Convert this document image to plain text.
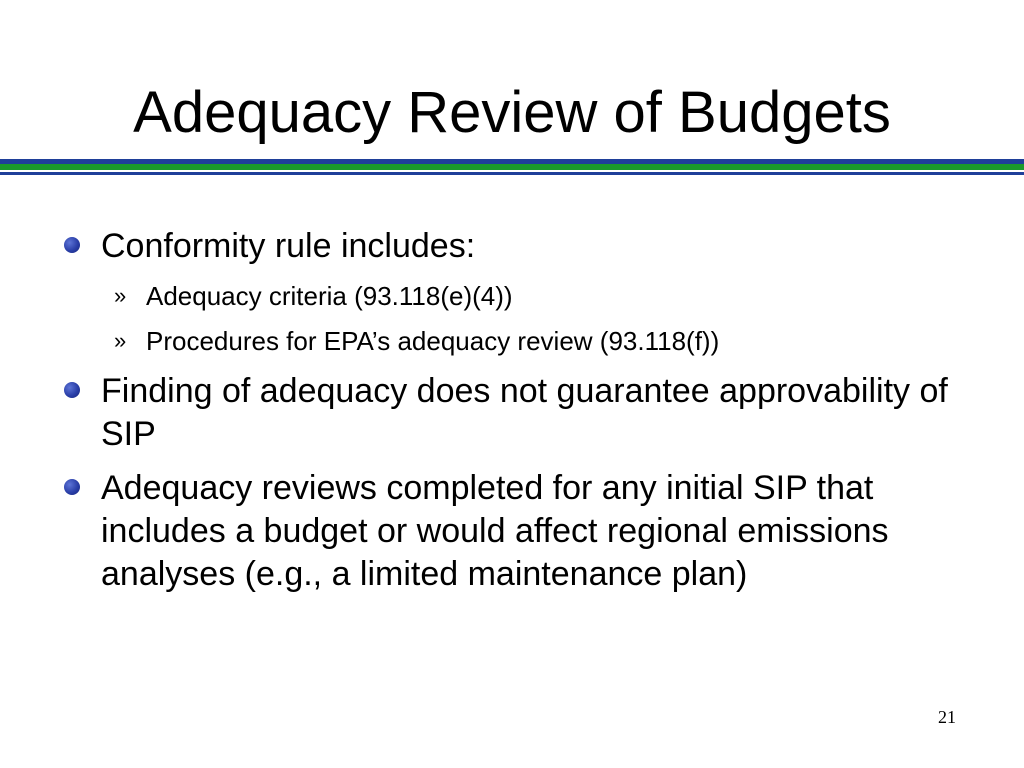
Adequacy Review of Budgets
Conformity rule includes:
» Adequacy criteria (93.118(e)(4))
» Procedures for EPA’s adequacy review (93.118(f))
Finding of adequacy does not guarantee approvability of SIP
Adequacy reviews completed for any initial SIP that includes a budget or would affect regional emissions analyses (e.g., a limited maintenance plan)
21
